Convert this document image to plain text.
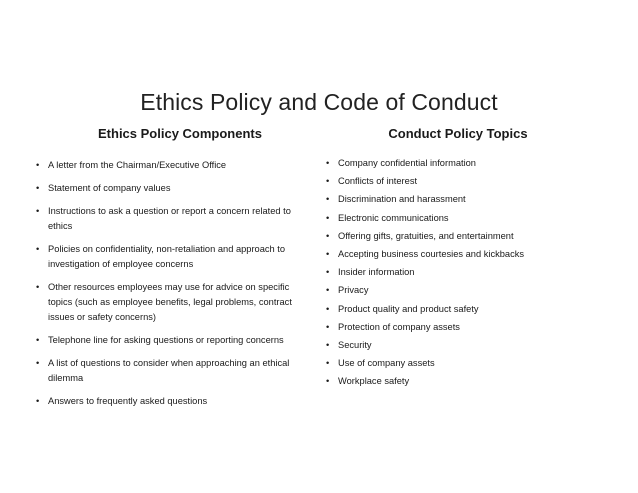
Ethics Policy and Code of Conduct
Ethics Policy Components	Conduct Policy Topics
• A letter from the Chairman/Executive Office
• Statement of company values
• Instructions to ask a question or report a concern related to ethics
• Policies on confidentiality, non-retaliation and approach to investigation of employee concerns
• Other resources employees may use for advice on specific topics (such as employee benefits, legal problems, contract issues or safety concerns)
• Telephone line for asking questions or reporting concerns
• A list of questions to consider when approaching an ethical dilemma
• Answers to frequently asked questions
• Company confidential information
• Conflicts of interest
• Discrimination and harassment
• Electronic communications
• Offering gifts, gratuities, and entertainment
• Accepting business courtesies and kickbacks
• Insider information
• Privacy
• Product quality and product safety
• Protection of company assets
• Security
• Use of company assets
• Workplace safety
